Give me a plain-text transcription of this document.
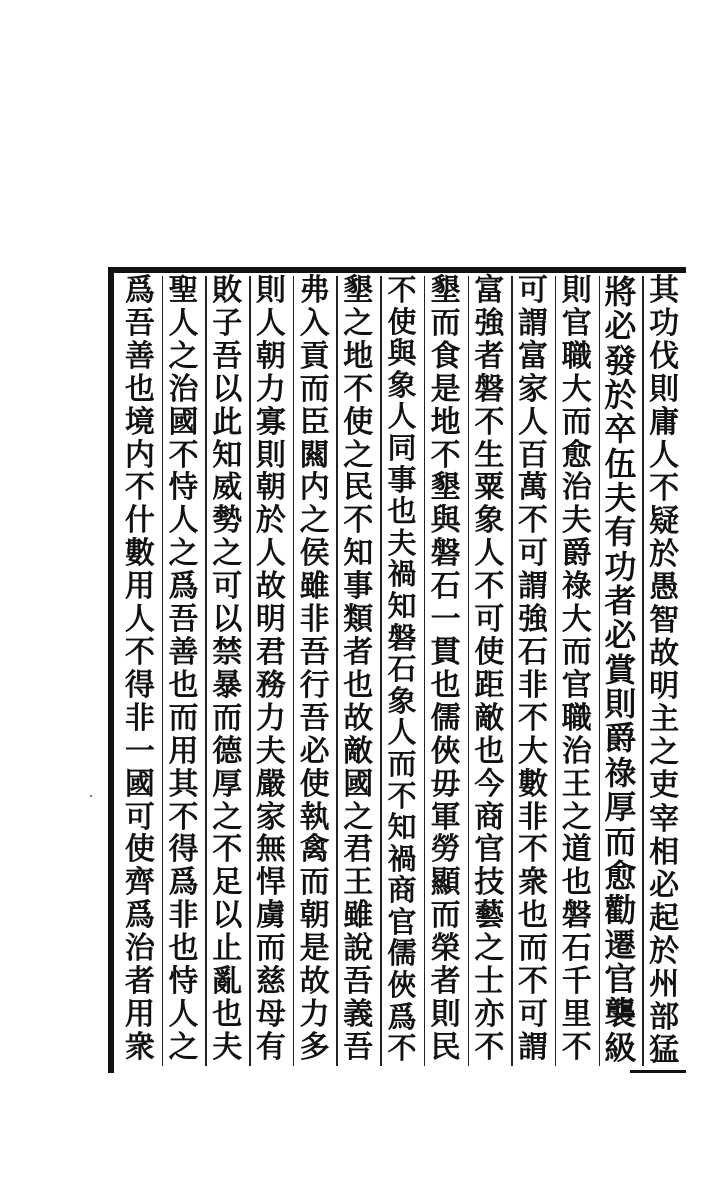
其
功
伐
則
庸
人
不
疑
於
愚
智
故
明
主
之
吏
宰
相
必
起
於
州
部
猛
將
必
發
於
卒
伍
夫
有
功
者
必
賞
則
爵
祿
厚
而
愈
勸
遷
官
襲
級
則
官
職
大
而
愈
治
夫
爵
祿
大
而
官
職
治
王
之
道
也
磐
石
千
里
不
可
謂
富
家
人
百
萬
不
可
謂
強
石
非
不
大
數
非
不
衆
也
而
不
可
謂
富
強
者
磐
不
生
粟
象
人
不
可
使
距
敵
也
今
商
官
技
藝
之
士
亦
不
墾
而
食
是
地
不
墾
與
磐
石
一
貫
也
儒
俠
毋
軍
勞
顯
而
榮
者
則
民
不
使
與
象
人
同
事
也
夫
禍
知
磐
石
象
人
而
不
知
禍
商
官
儒
俠
爲
不
墾
之
地
不
使
之
民
不
知
事
類
者
也
故
敵
國
之
君
王
雖
說
吾
義
吾
弗
入
貢
而
臣
闗
内
之
侯
雖
非
吾
行
吾
必
使
執
禽
而
朝
是
故
力
多
則
人
朝
力
寡
則
朝
於
人
故
明
君
務
力
夫
嚴
家
無
悍
虜
而
慈
母
有
敗
子
吾
以
此
知
威
勢
之
可
以
禁
暴
而
德
厚
之
不
足
以
止
亂
也
夫
聖
人
之
治
國
不
恃
人
之
爲
吾
善
也
而
用
其
不
得
爲
非
也
恃
人
之
爲
吾
善
也
境
内
不
什
數
用
人
不
得
非
一
國
可
使
齊
爲
治
者
用
衆
